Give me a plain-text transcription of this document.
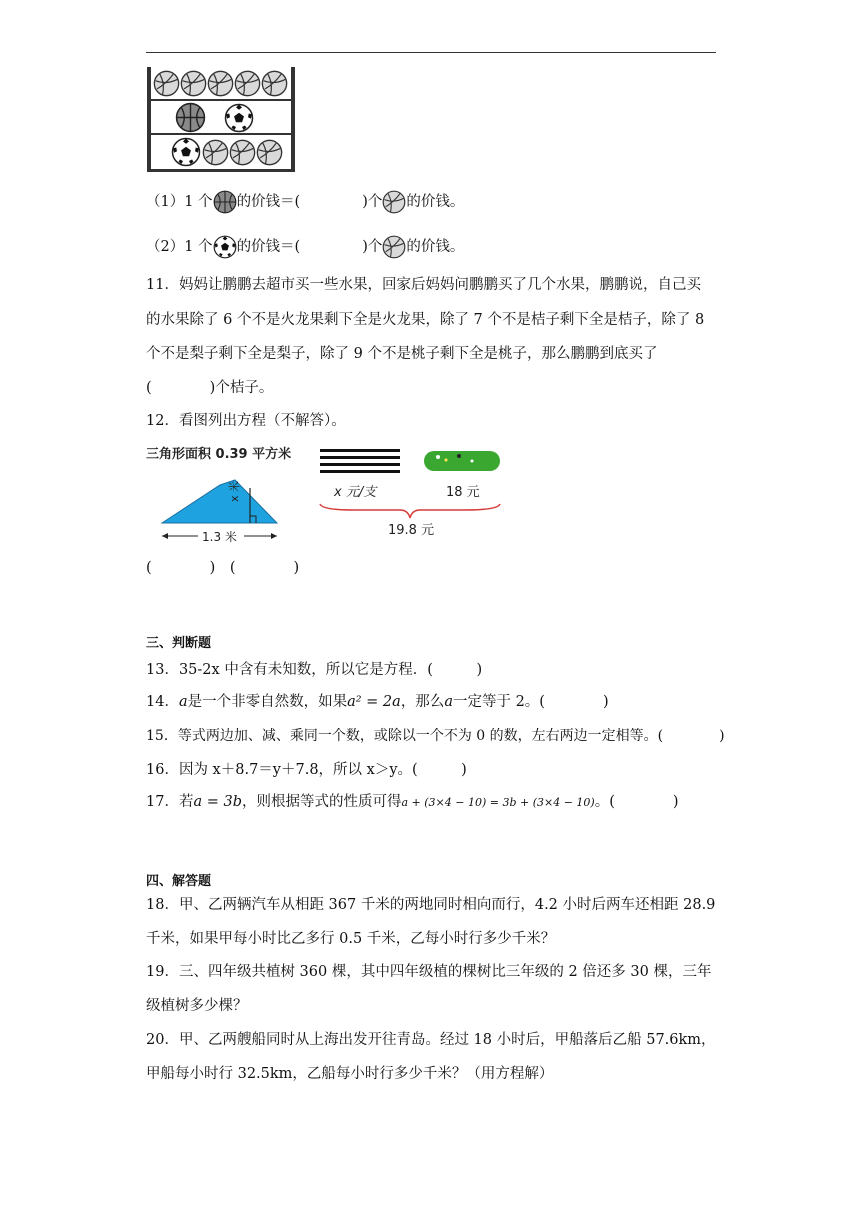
（1）1 个 的价钱＝(	)个 的价钱。
（2）1 个 的价钱＝(	)个 的价钱。
11．妈妈让鹏鹏去超市买一些水果，回家后妈妈问鹏鹏买了几个水果，鹏鹏说，自己买
的水果除了 6 个不是火龙果剩下全是火龙果，除了 7 个不是桔子剩下全是桔子，除了 8
个不是梨子剩下全是梨子，除了 9 个不是桃子剩下全是桃子，那么鹏鹏到底买了
(　　　　)个桔子。
12．看图列出方程（不解答）。
三角形面积 0.39 平方米
x 米
1.3 米
x 元/支	18 元
19.8 元
(　　　　)　(　　　　)
三、判断题
13．35-2x 中含有未知数，所以它是方程．(　　　)
14．a是一个非零自然数，如果a² = 2a，那么a一定等于 2。(　　　　)
15．等式两边加、减、乘同一个数，或除以一个不为 0 的数，左右两边一定相等。(　　　　)
16．因为 x＋8.7＝y＋7.8，所以 x＞y。(　　　)
17．若a = 3b，则根据等式的性质可得a + (3×4 − 10) = 3b + (3×4 − 10)。(　　　　)
四、解答题
18．甲、乙两辆汽车从相距 367 千米的两地同时相向而行，4.2 小时后两车还相距 28.9
千米，如果甲每小时比乙多行 0.5 千米，乙每小时行多少千米？
19．三、四年级共植树 360 棵，其中四年级植的棵树比三年级的 2 倍还多 30 棵，三年
级植树多少棵？
20．甲、乙两艘船同时从上海出发开往青岛。经过 18 小时后，甲船落后乙船 57.6km，
甲船每小时行 32.5km，乙船每小时行多少千米？（用方程解）
